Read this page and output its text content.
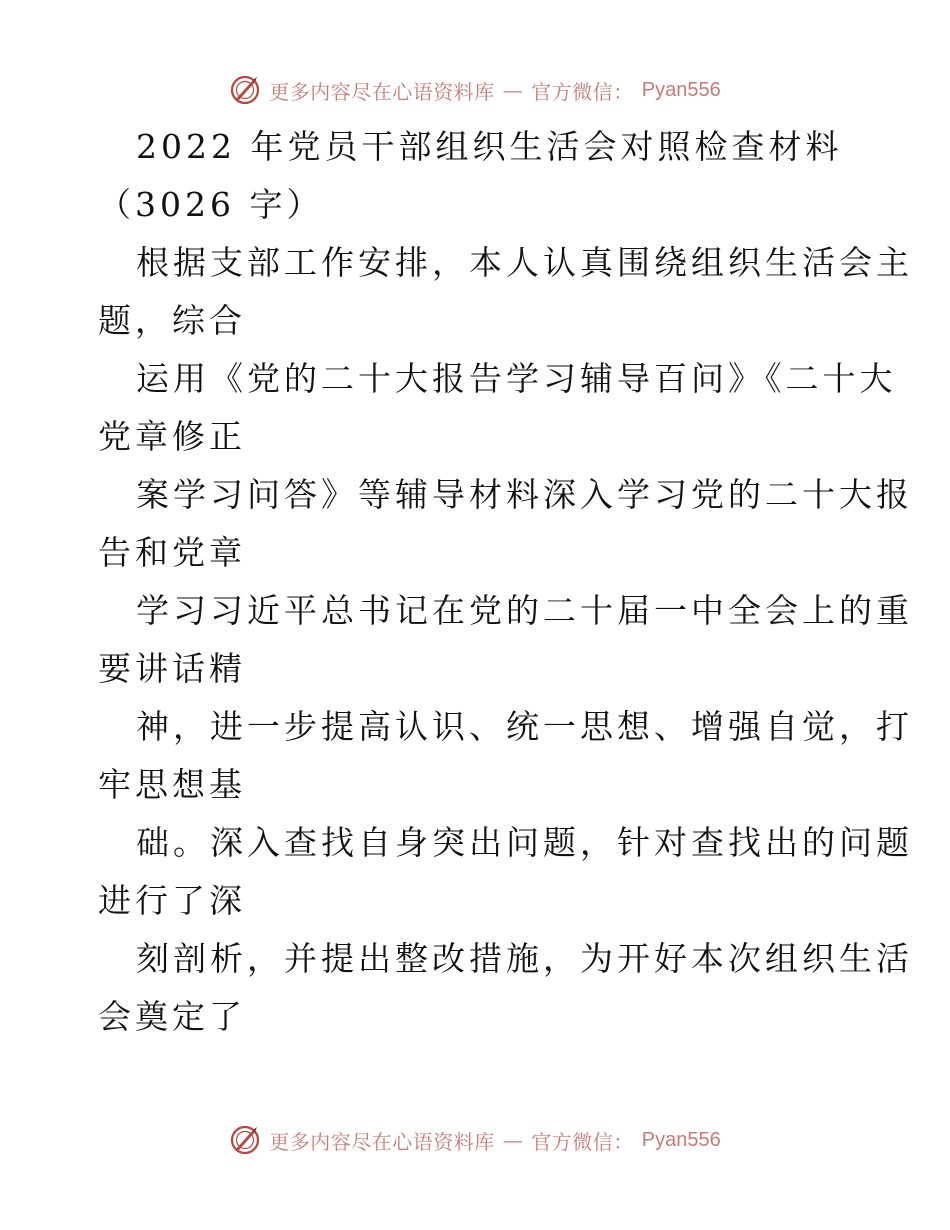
更多内容尽在心语资料库 — 官方微信： Pyan556
2022 年党员干部组织生活会对照检查材料
（3026 字）
根据支部工作安排，本人认真围绕组织生活会主
题，综合
运用《党的二十大报告学习辅导百问》《二十大
党章修正
案学习问答》等辅导材料深入学习党的二十大报
告和党章
学习习近平总书记在党的二十届一中全会上的重
要讲话精
神，进一步提高认识、统一思想、增强自觉，打
牢思想基
础。深入查找自身突出问题，针对查找出的问题
进行了深
刻剖析，并提出整改措施，为开好本次组织生活
会奠定了
更多内容尽在心语资料库 — 官方微信： Pyan556
